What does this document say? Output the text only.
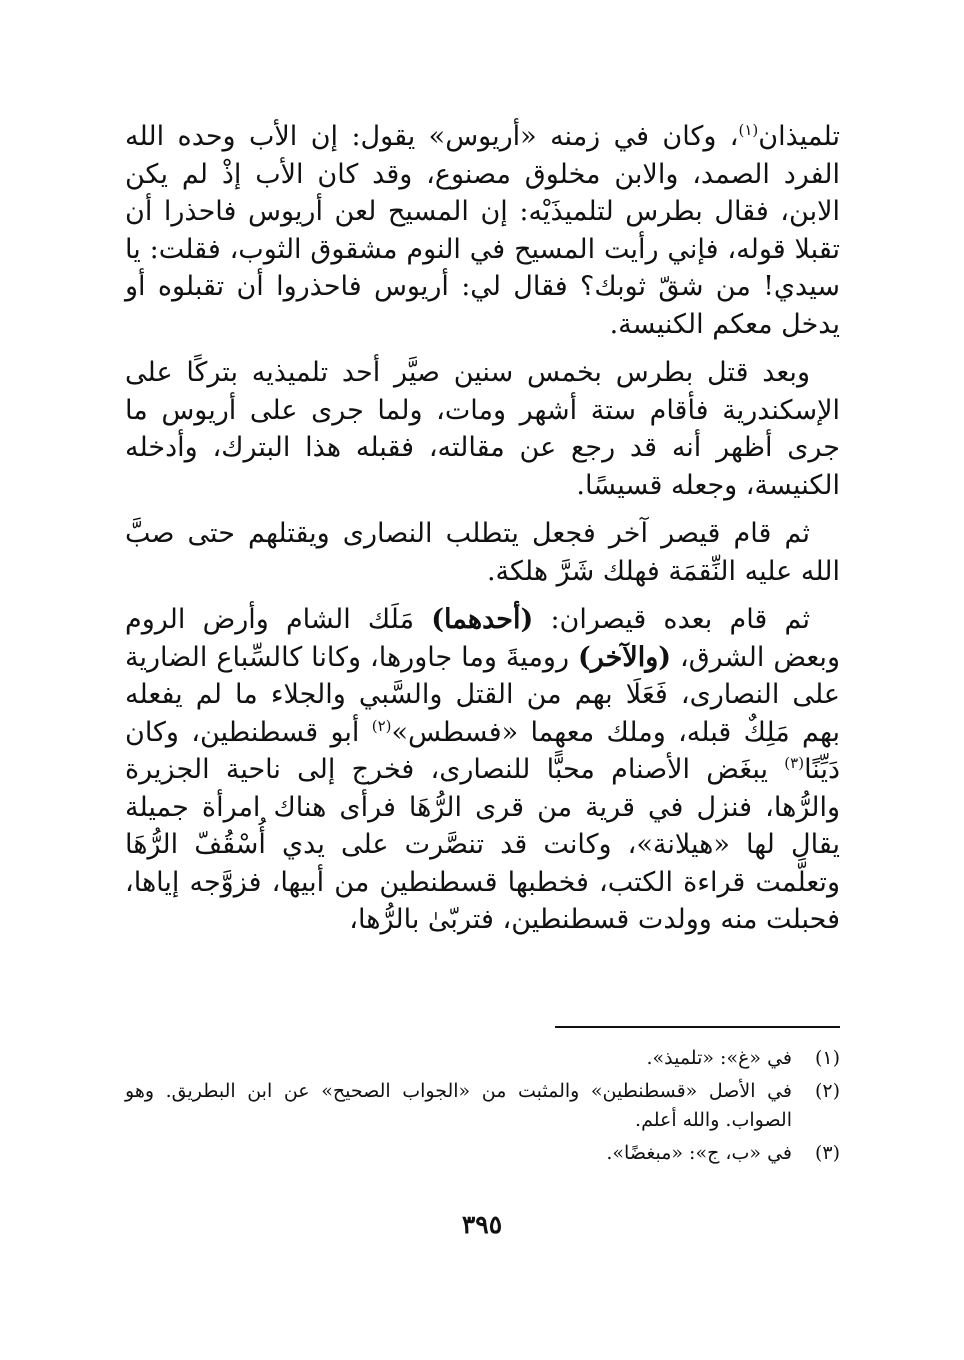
تلميذان$^{(١)}$، وكان في زمنه «أريوس» يقول: إن الأب وحده الله الفرد الصمد، والابن مخلوق مصنوع، وقد كان الأب إذْ لم يكن الابن، فقال بطرس لتلميذَيْه: إن المسيح لعن أريوس فاحذرا أن تقبلا قوله، فإني رأيت المسيح في النوم مشقوق الثوب، فقلت: يا سيدي! من شقّ ثوبك؟ فقال لي: أريوس فاحذروا أن تقبلوه أو يدخل معكم الكنيسة.

وبعد قتل بطرس بخمس سنين صيَّر أحد تلميذيه بتركًا على الإسكندرية فأقام ستة أشهر ومات، ولما جرى على أريوس ما جرى أظهر أنه قد رجع عن مقالته، فقبله هذا البترك، وأدخله الكنيسة، وجعله قسيسًا.

ثم قام قيصر آخر فجعل يتطلب النصارى ويقتلهم حتى صبَّ الله عليه النِّقمَة فهلك شَرَّ هلكة.

ثم قام بعده قيصران: (أحدهما) مَلَك الشام وأرض الروم وبعض الشرق، (والآخر) روميةَ وما جاورها، وكانا كالسِّباع الضارية على النصارى، فَعَلَا بهم من القتل والسَّبي والجلاء ما لم يفعله بهم مَلِكٌ قبله، وملك معهما «فسطس»$^{(٢)}$ أبو قسطنطين، وكان دَيِّنًا$^{(٣)}$ يبغَض الأصنام محبًّا للنصارى، فخرج إلى ناحية الجزيرة والرُّها، فنزل في قرية من قرى الرُّهَا فرأى هناك امرأة جميلة يقال لها «هيلانة»، وكانت قد تنصَّرت على يدي أُسْقُفّ الرُّهَا وتعلَّمت قراءة الكتب، فخطبها قسطنطين من أبيها، فزوَّجه إياها، فحبلت منه وولدت قسطنطين، فتربّىٰ بالرُّها،

(١)
في «غ»: «تلميذ».
(٢)
في الأصل «قسطنطين» والمثبت من «الجواب الصحيح» عن ابن البطريق. وهو الصواب. والله أعلم.
(٣)
في «ب، ج»: «مبغضًا».
٣٩٥
